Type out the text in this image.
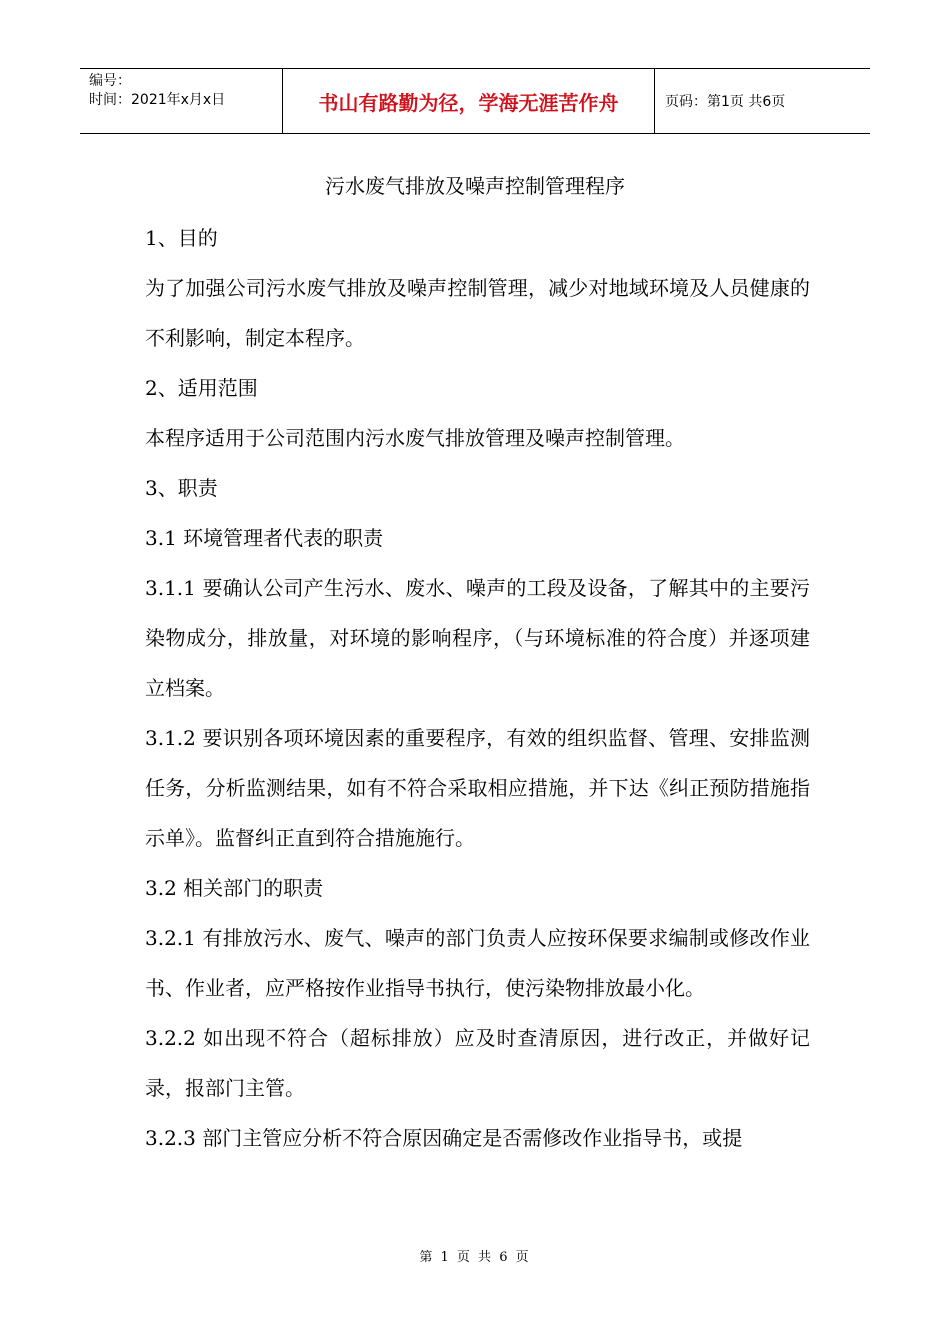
编号：
时间：2021年x月x日	书山有路勤为径，学海无涯苦作舟	页码：第1页 共6页
污水废气排放及噪声控制管理程序

1、目的

为了加强公司污水废气排放及噪声控制管理，减少对地域环境及人员健康的不利影响，制定本程序。

2、适用范围

本程序适用于公司范围内污水废气排放管理及噪声控制管理。

3、职责

3.1 环境管理者代表的职责

3.1.1 要确认公司产生污水、废水、噪声的工段及设备，了解其中的主要污染物成分，排放量，对环境的影响程序，（与环境标准的符合度）并逐项建立档案。

3.1.2 要识别各项环境因素的重要程序，有效的组织监督、管理、安排监测任务，分析监测结果，如有不符合采取相应措施，并下达《纠正预防措施指示单》。监督纠正直到符合措施施行。

3.2 相关部门的职责

3.2.1 有排放污水、废气、噪声的部门负责人应按环保要求编制或修改作业书、作业者，应严格按作业指导书执行，使污染物排放最小化。

3.2.2 如出现不符合（超标排放）应及时查清原因，进行改正，并做好记录，报部门主管。

3.2.3 部门主管应分析不符合原因确定是否需修改作业指导书，或提

第 1 页 共 6 页
